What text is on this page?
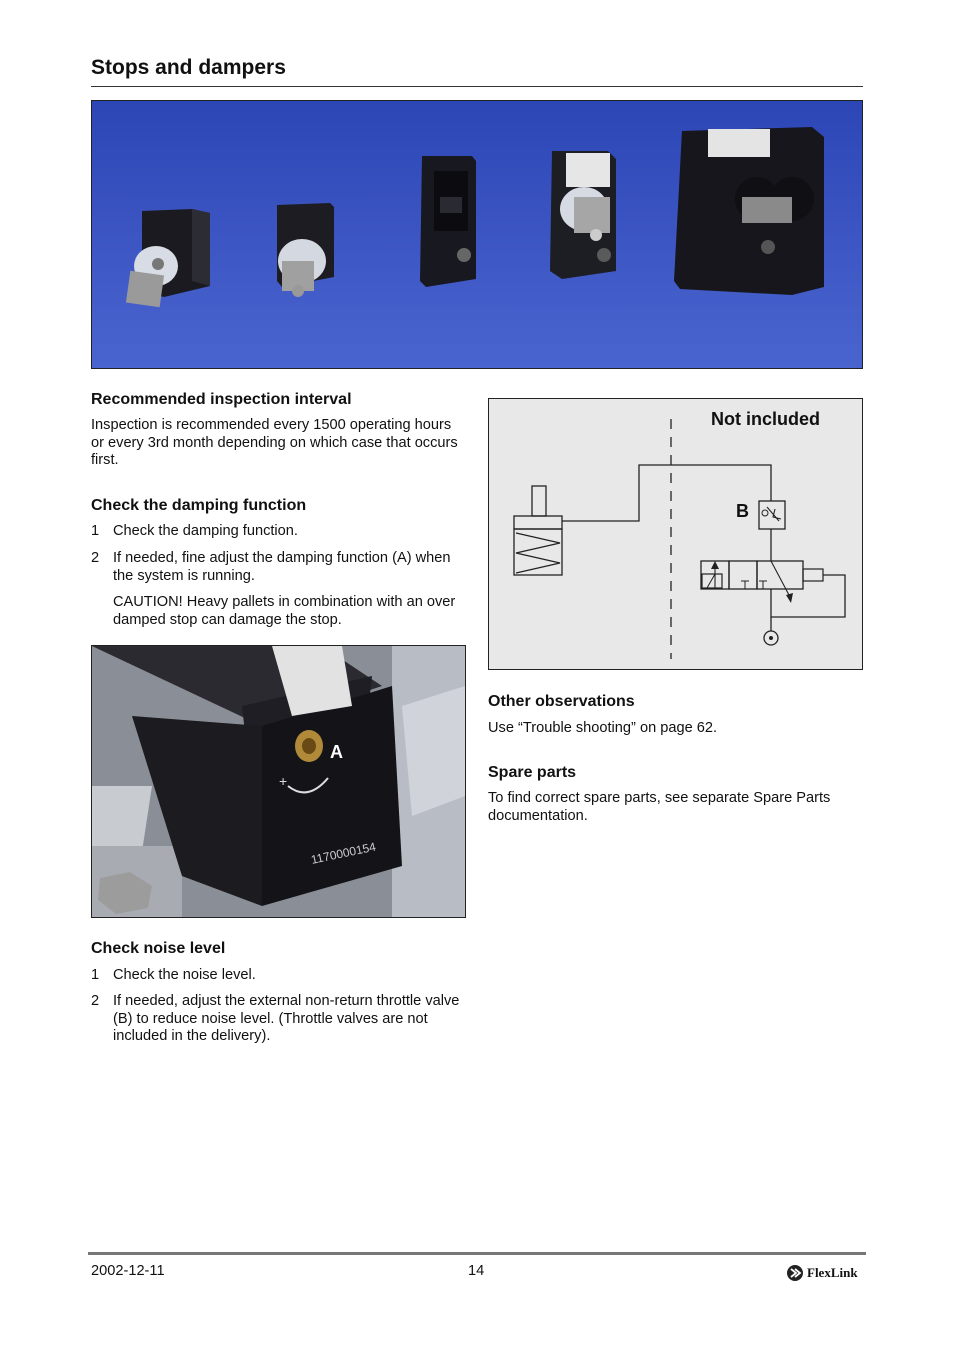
Stops and dampers
Recommended inspection interval

Inspection is recommended every 1500 operating hours or every 3rd month depending on which case that occurs first.

Check the damping function
1 Check the damping function.
2 If needed, fine adjust the damping function (A) when the system is running.

CAUTION! Heavy pallets in combination with an over damped stop can damage the stop.

+
1170000154
A
Check noise level
1 Check the noise level.
2 If needed, adjust the external non-return throttle valve (B) to reduce noise level. (Throttle valves are not included in the delivery).
Not included
B
Other observations

Use “Trouble shooting” on page 62.

Spare parts

To find correct spare parts, see separate Spare Parts documentation.

2002-12-11	14	FlexLink
